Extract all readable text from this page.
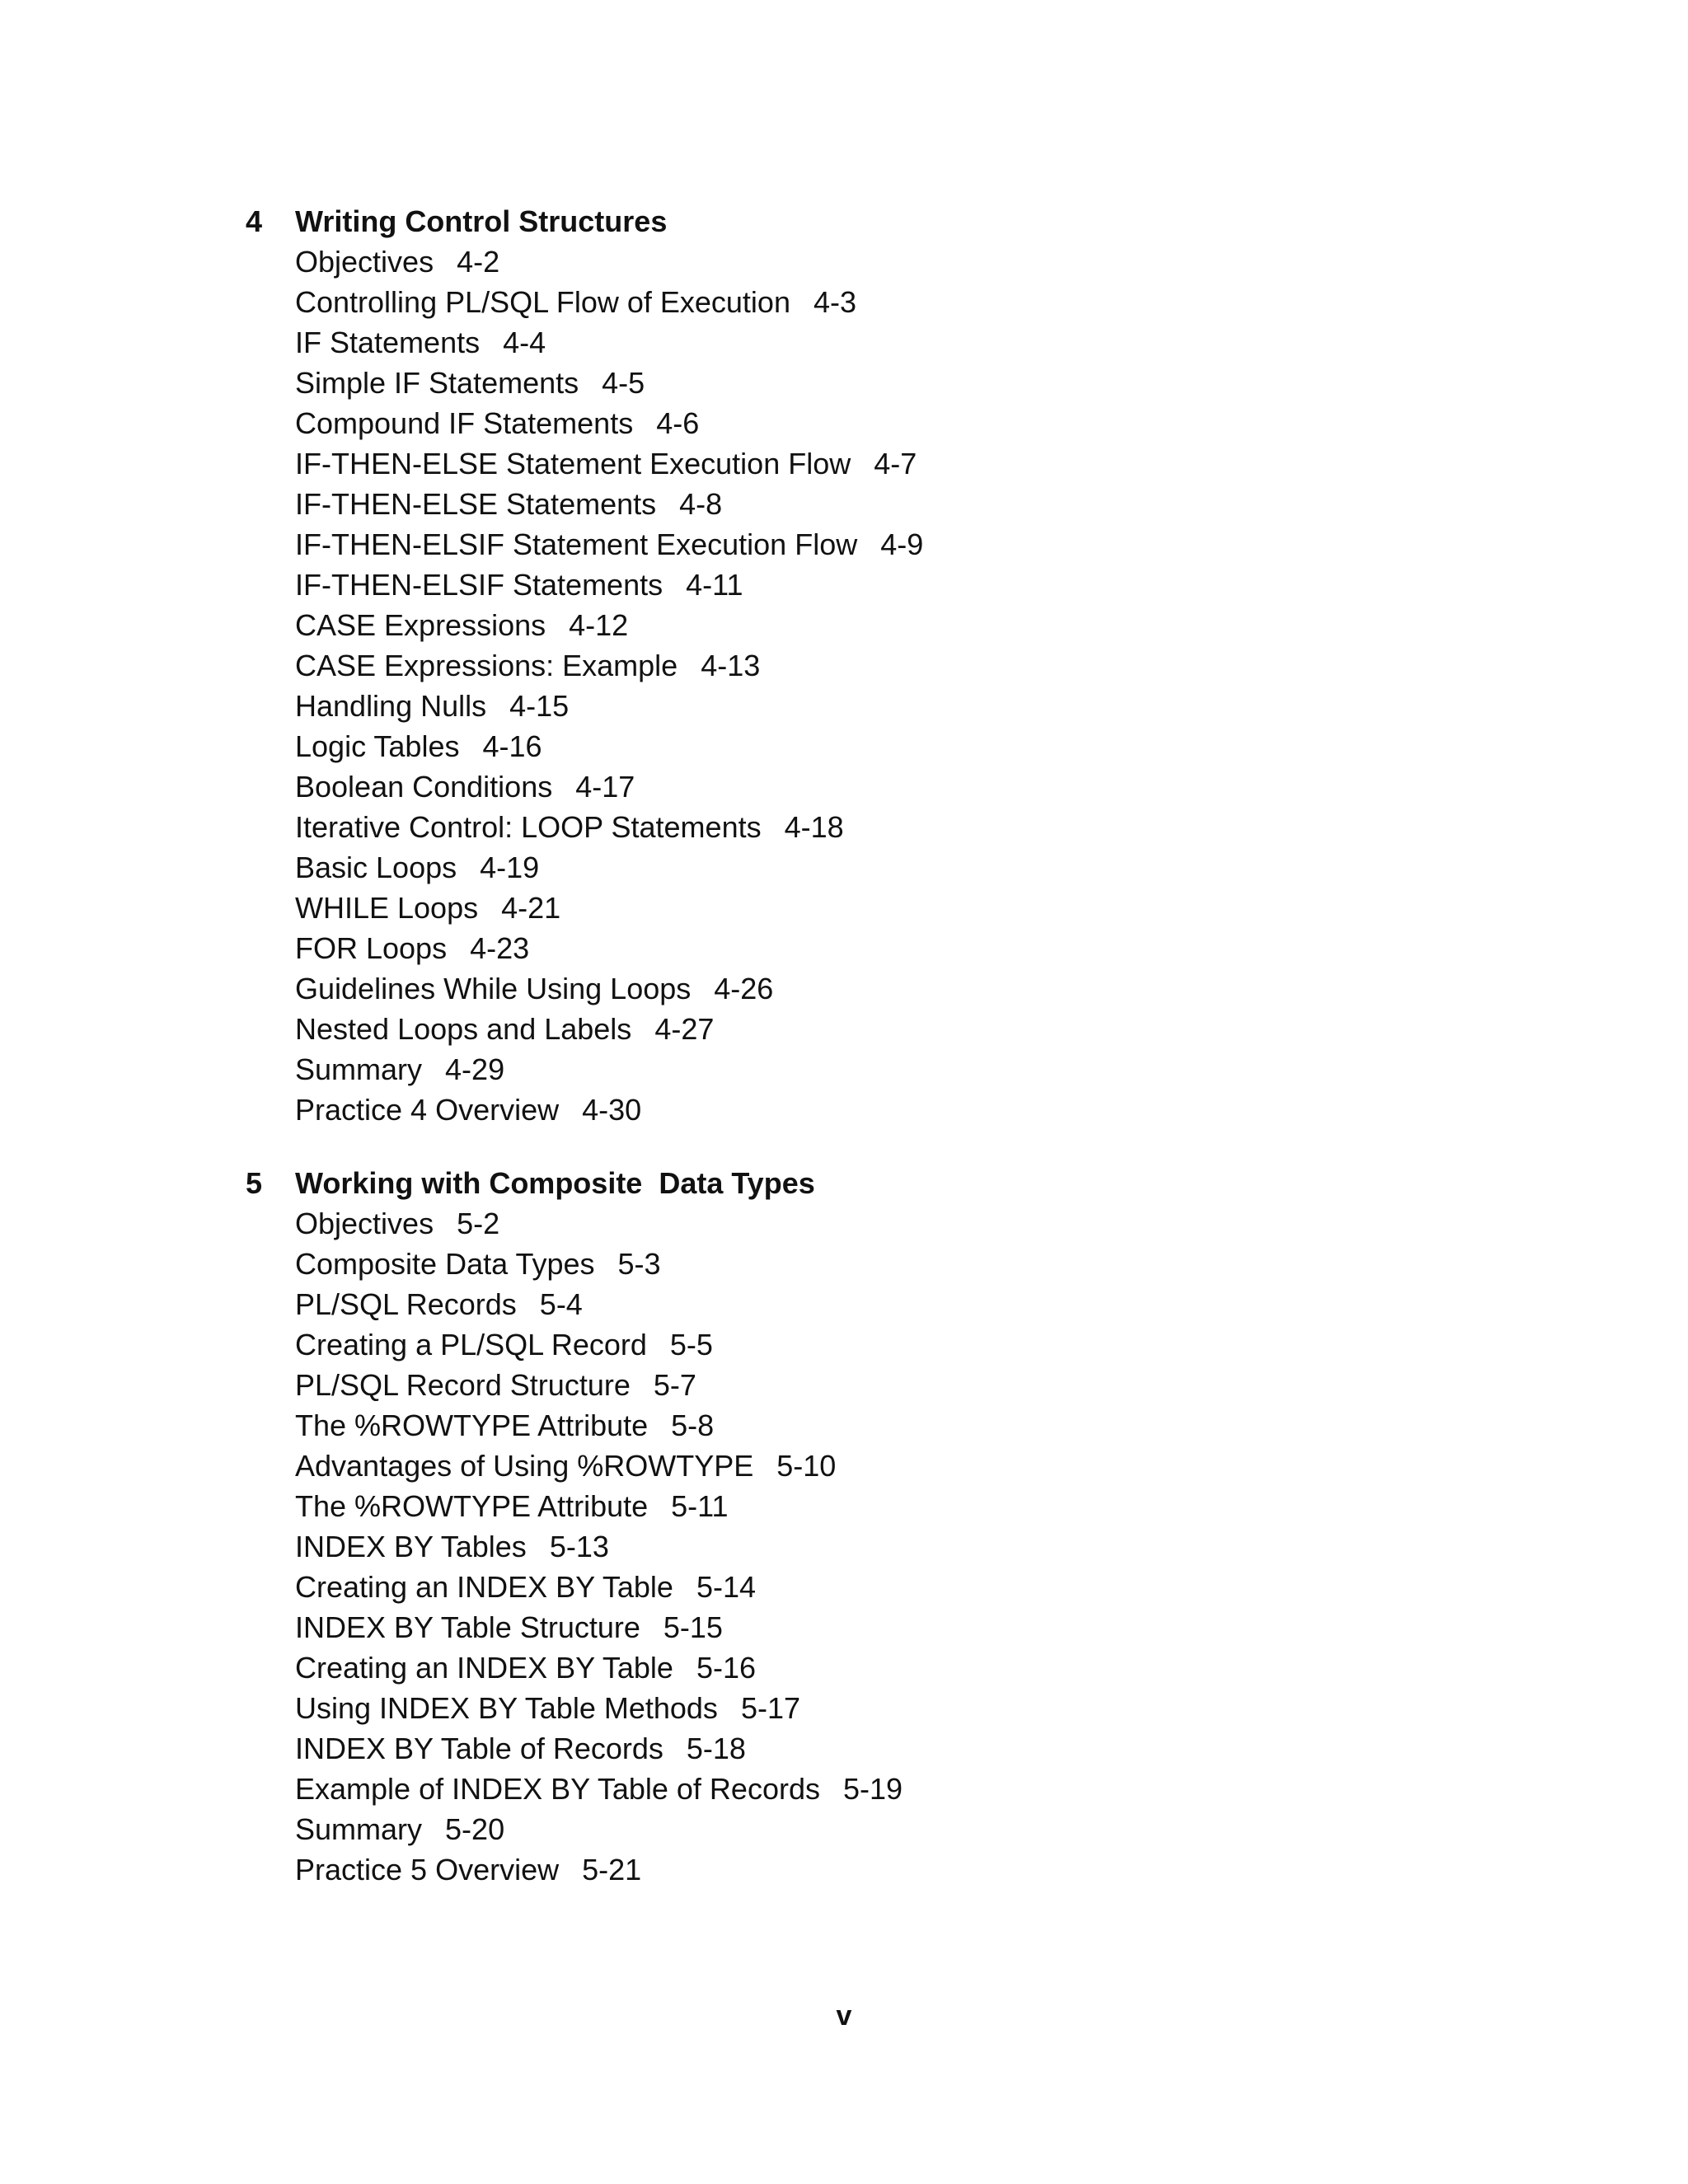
4	Writing Control Structures
Objectives 4-2
Controlling PL/SQL Flow of Execution 4-3
IF Statements 4-4
Simple IF Statements 4-5
Compound IF Statements 4-6
IF-THEN-ELSE Statement Execution Flow 4-7
IF-THEN-ELSE Statements 4-8
IF-THEN-ELSIF Statement Execution Flow 4-9
IF-THEN-ELSIF Statements 4-11
CASE Expressions 4-12
CASE Expressions: Example 4-13
Handling Nulls 4-15
Logic Tables 4-16
Boolean Conditions 4-17
Iterative Control: LOOP Statements 4-18
Basic Loops 4-19
WHILE Loops 4-21
FOR Loops 4-23
Guidelines While Using Loops 4-26
Nested Loops and Labels 4-27
Summary 4-29
Practice 4 Overview 4-30
5	Working with Composite  Data Types
Objectives 5-2
Composite Data Types 5-3
PL/SQL Records 5-4
Creating a PL/SQL Record 5-5
PL/SQL Record Structure 5-7
The %ROWTYPE Attribute 5-8
Advantages of Using %ROWTYPE 5-10
The %ROWTYPE Attribute 5-11
INDEX BY Tables 5-13
Creating an INDEX BY Table 5-14
INDEX BY Table Structure 5-15
Creating an INDEX BY Table 5-16
Using INDEX BY Table Methods 5-17
INDEX BY Table of Records 5-18
Example of INDEX BY Table of Records 5-19
Summary 5-20
Practice 5 Overview 5-21
v
